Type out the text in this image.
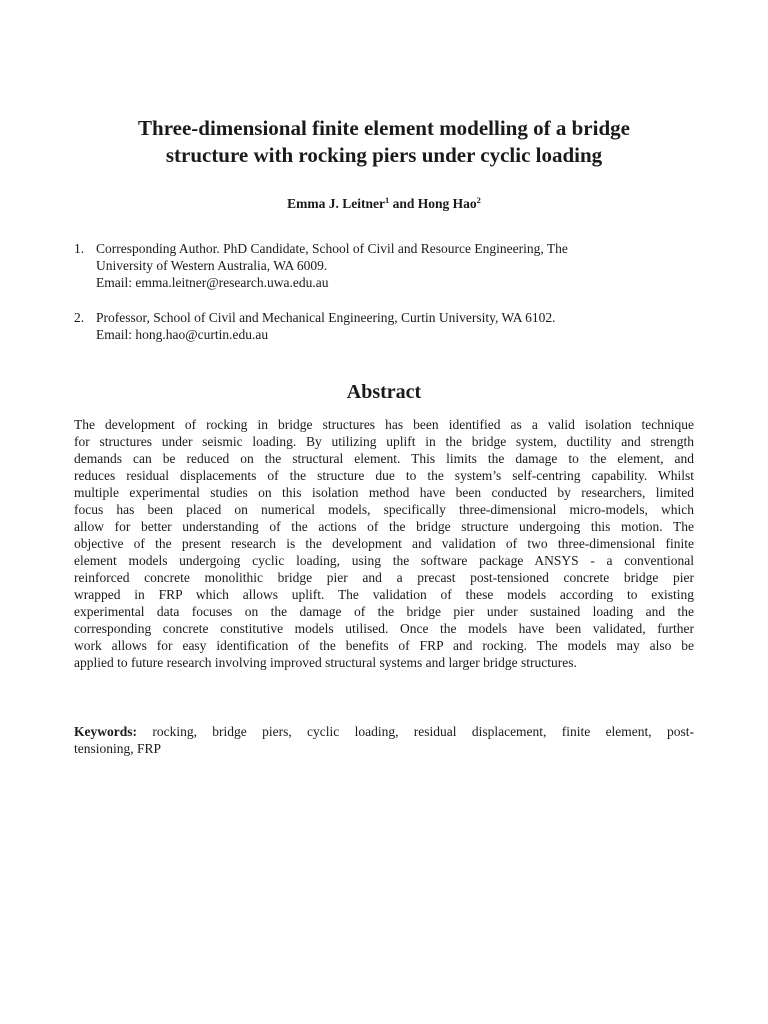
Three-dimensional finite element modelling of a bridge
structure with rocking piers under cyclic loading
Emma J. Leitner$^1$ and Hong Hao$^2$
1. Corresponding Author. PhD Candidate, School of Civil and Resource Engineering, The
University of Western Australia, WA 6009.
Email: emma.leitner@research.uwa.edu.au
2. Professor, School of Civil and Mechanical Engineering, Curtin University, WA 6102.
Email: hong.hao@curtin.edu.au
Abstract

The development of rocking in bridge structures has been identified as a valid isolation technique
for structures under seismic loading. By utilizing uplift in the bridge system, ductility and strength
demands can be reduced on the structural element. This limits the damage to the element, and
reduces residual displacements of the structure due to the system’s self-centring capability. Whilst
multiple experimental studies on this isolation method have been conducted by researchers, limited
focus has been placed on numerical models, specifically three-dimensional micro-models, which
allow for better understanding of the actions of the bridge structure undergoing this motion. The
objective of the present research is the development and validation of two three-dimensional finite
element models undergoing cyclic loading, using the software package ANSYS - a conventional
reinforced concrete monolithic bridge pier and a precast post-tensioned concrete bridge pier
wrapped in FRP which allows uplift. The validation of these models according to existing
experimental data focuses on the damage of the bridge pier under sustained loading and the
corresponding concrete constitutive models utilised. Once the models have been validated, further
work allows for easy identification of the benefits of FRP and rocking. The models may also be
applied to future research involving improved structural systems and larger bridge structures.

Keywords: rocking, bridge piers, cyclic loading, residual displacement, finite element, post-
tensioning, FRP
